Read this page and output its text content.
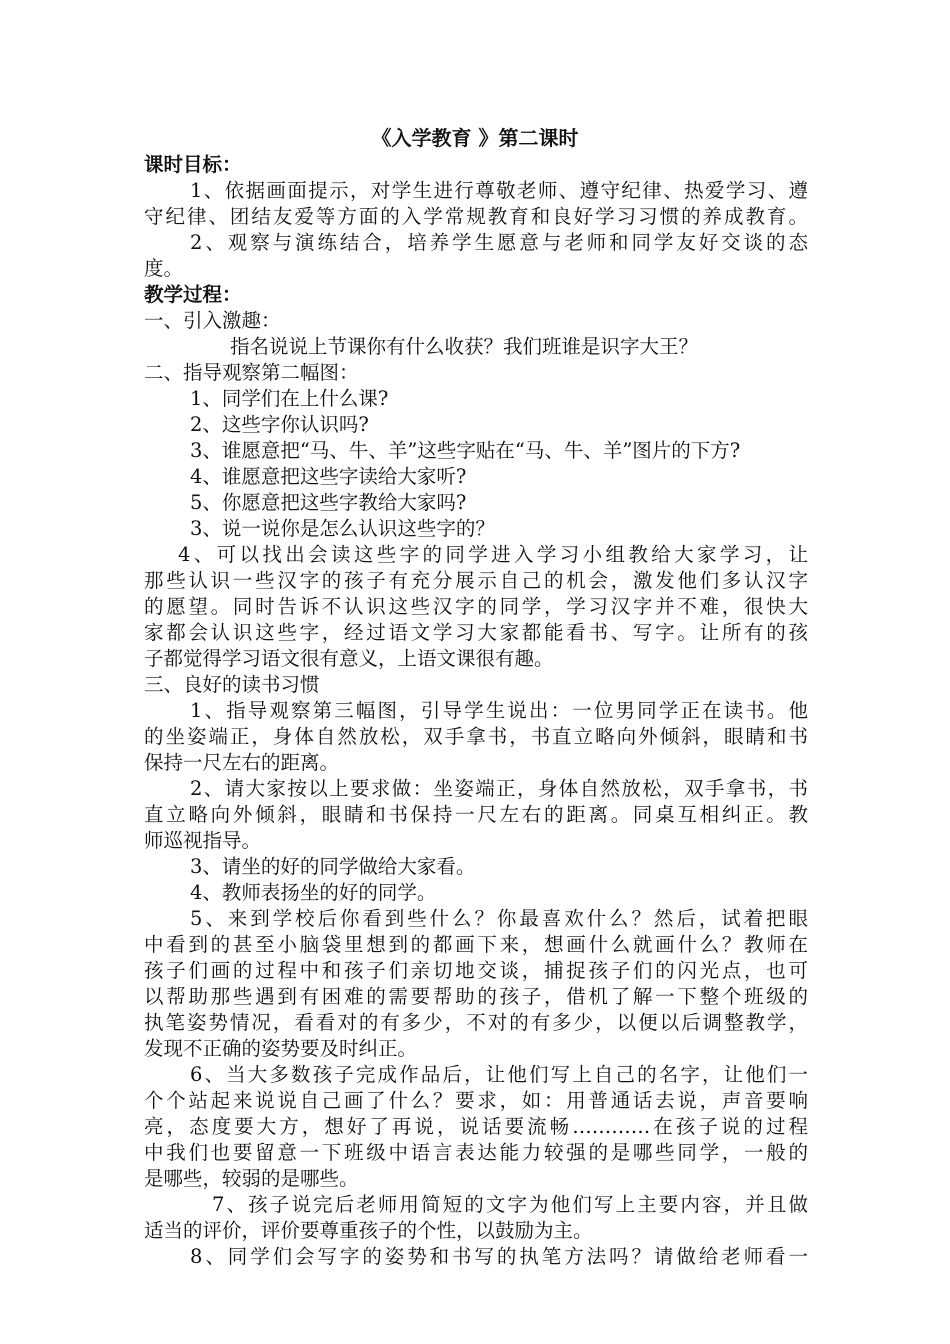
《入学教育 》第二课时
课时目标：
1、依据画面提示，对学生进行尊敬老师、遵守纪律、热爱学习、遵
守纪律、团结友爱等方面的入学常规教育和良好学习习惯的养成教育。
2、观察与演练结合，培养学生愿意与老师和同学友好交谈的态
度。
教学过程：
一、引入激趣：
指名说说上节课你有什么收获？我们班谁是识字大王？
二、指导观察第二幅图：
1、同学们在上什么课?
2、这些字你认识吗?
3、谁愿意把“马、牛、羊”这些字贴在“马、牛、羊”图片的下方?
4、谁愿意把这些字读给大家听?
5、你愿意把这些字教给大家吗?
3、说一说你是怎么认识这些字的？
4、可以找出会读这些字的同学进入学习小组教给大家学习，让
那些认识一些汉字的孩子有充分展示自己的机会，激发他们多认汉字
的愿望。同时告诉不认识这些汉字的同学，学习汉字并不难，很快大
家都会认识这些字，经过语文学习大家都能看书、写字。让所有的孩
子都觉得学习语文很有意义，上语文课很有趣。
三、良好的读书习惯
1、指导观察第三幅图，引导学生说出：一位男同学正在读书。他
的坐姿端正，身体自然放松，双手拿书，书直立略向外倾斜，眼睛和书
保持一尺左右的距离。
2、请大家按以上要求做：坐姿端正，身体自然放松，双手拿书，书
直立略向外倾斜，眼睛和书保持一尺左右的距离。同桌互相纠正。教
师巡视指导。
3、请坐的好的同学做给大家看。
4、教师表扬坐的好的同学。
5、来到学校后你看到些什么？你最喜欢什么？然后，试着把眼
中看到的甚至小脑袋里想到的都画下来，想画什么就画什么？教师在
孩子们画的过程中和孩子们亲切地交谈，捕捉孩子们的闪光点，也可
以帮助那些遇到有困难的需要帮助的孩子，借机了解一下整个班级的
执笔姿势情况，看看对的有多少，不对的有多少，以便以后调整教学，
发现不正确的姿势要及时纠正。
6、当大多数孩子完成作品后，让他们写上自己的名字，让他们一
个个站起来说说自己画了什么？要求，如：用普通话去说，声音要响
亮，态度要大方，想好了再说，说话要流畅…………在孩子说的过程
中我们也要留意一下班级中语言表达能力较强的是哪些同学，一般的
是哪些，较弱的是哪些。
7、孩子说完后老师用简短的文字为他们写上主要内容，并且做
适当的评价，评价要尊重孩子的个性，以鼓励为主。
8、同学们会写字的姿势和书写的执笔方法吗？请做给老师看一
